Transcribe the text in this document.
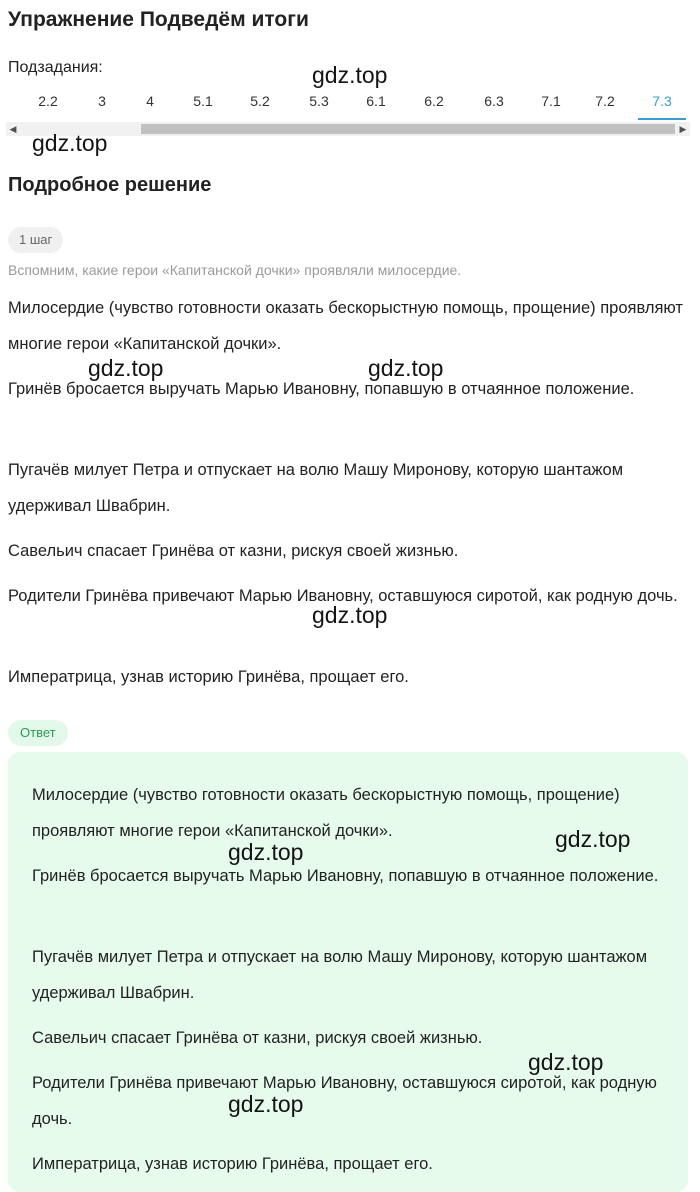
Упражнение Подведём итоги
Подзадания:
2.2	3	4	5.1	5.2	5.3	6.1	6.2	6.3	7.1	7.2	7.3
◀	▶
Подробное решение
1 шаг
Вспомним, какие герои «Капитанской дочки» проявляли милосердие.

Милосердие (чувство готовности оказать бескорыстную помощь, прощение) проявляют многие герои «Капитанской дочки».

Гринёв бросается выручать Марью Ивановну, попавшую в отчаянное положение.

Пугачёв милует Петра и отпускает на волю Машу Миронову, которую шантажом удерживал Швабрин.

Савельич спасает Гринёва от казни, рискуя своей жизнью.

Родители Гринёва привечают Марью Ивановну, оставшуюся сиротой, как родную дочь.

Императрица, узнав историю Гринёва, прощает его.

Ответ

Милосердие (чувство готовности оказать бескорыстную помощь, прощение) проявляют многие герои «Капитанской дочки».

Гринёв бросается выручать Марью Ивановну, попавшую в отчаянное положение.

Пугачёв милует Петра и отпускает на волю Машу Миронову, которую шантажом удерживал Швабрин.

Савельич спасает Гринёва от казни, рискуя своей жизнью.

Родители Гринёва привечают Марью Ивановну, оставшуюся сиротой, как родную дочь.

Императрица, узнав историю Гринёва, прощает его.

gdz.top
gdz.top
gdz.top	gdz.top
gdz.top
gdz.top
gdz.top
gdz.top
gdz.top
